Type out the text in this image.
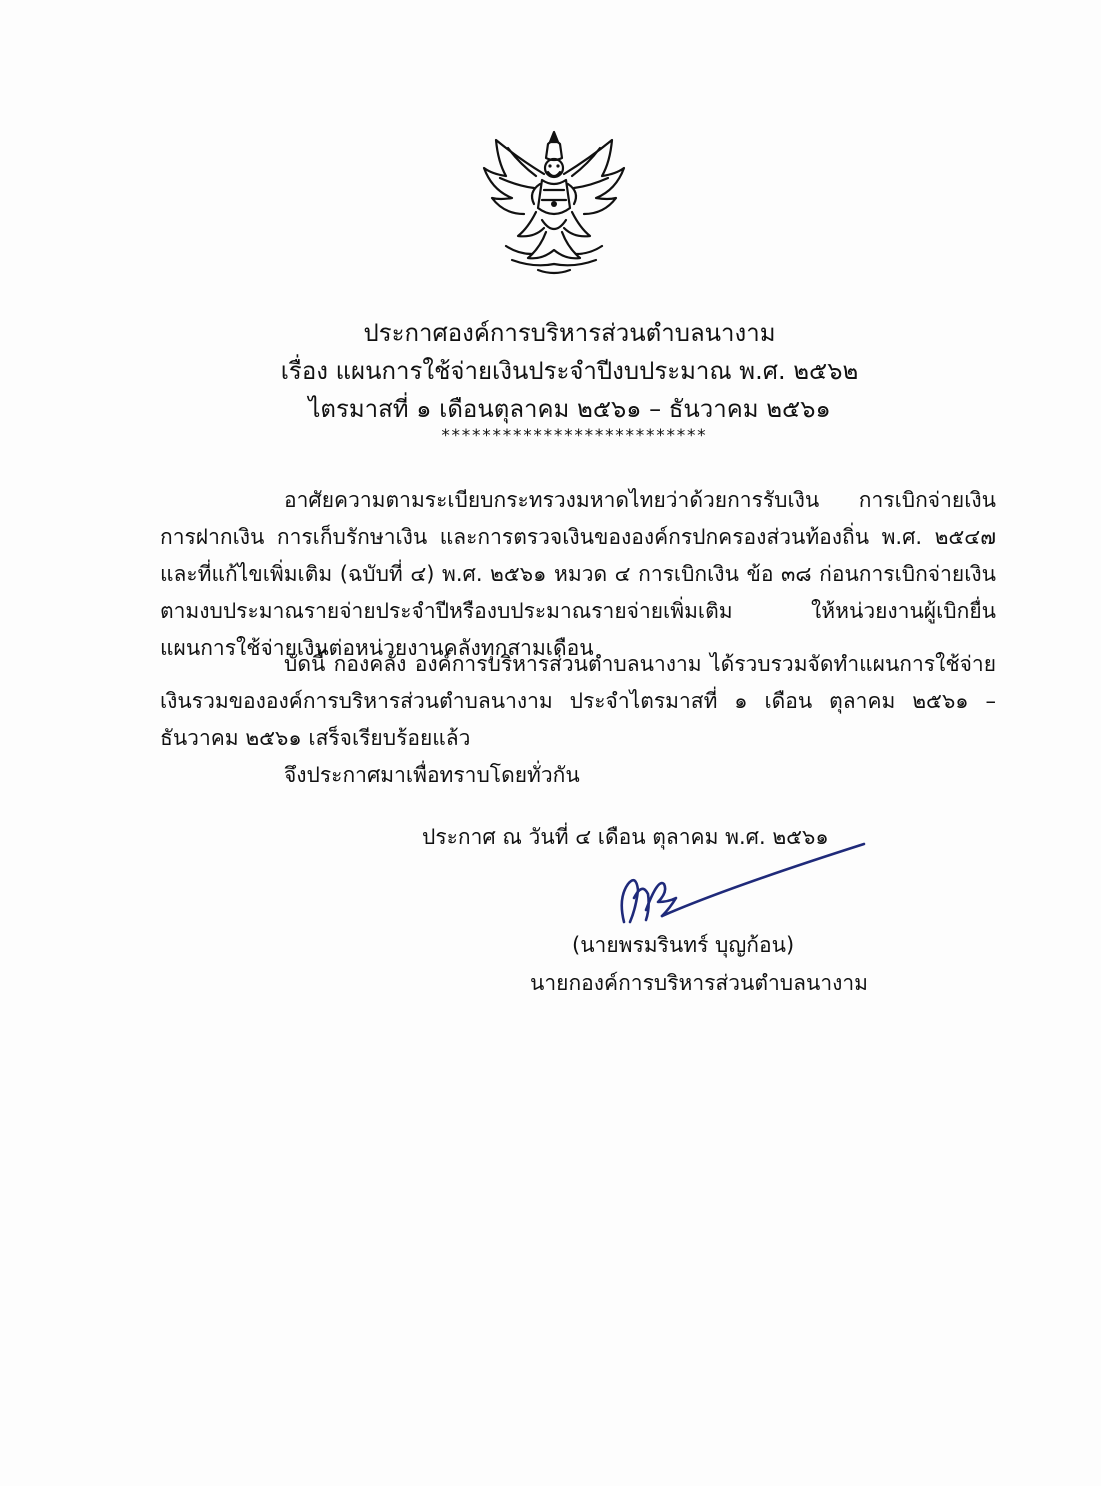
ประกาศองค์การบริหารส่วนตำบลนางาม
เรื่อง แผนการใช้จ่ายเงินประจำปีงบประมาณ พ.ศ. ๒๕๖๒
ไตรมาสที่ ๑ เดือนตุลาคม ๒๕๖๑ – ธันวาคม ๒๕๖๑
**************************
อาศัยความตามระเบียบกระทรวงมหาดไทยว่าด้วยการรับเงิน การเบิกจ่ายเงิน การฝากเงิน การเก็บรักษาเงิน และการตรวจเงินขององค์กรปกครองส่วนท้องถิ่น พ.ศ. ๒๕๔๗ และที่แก้ไขเพิ่มเติม (ฉบับที่ ๔) พ.ศ. ๒๕๖๑ หมวด ๔ การเบิกเงิน ข้อ ๓๘ ก่อนการเบิกจ่ายเงินตามงบประมาณรายจ่ายประจำปีหรืองบประมาณรายจ่ายเพิ่มเติม ให้หน่วยงานผู้เบิกยื่นแผนการใช้จ่ายเงินต่อหน่วยงานคลังทุกสามเดือน
บัดนี้ กองคลัง องค์การบริหารส่วนตำบลนางาม ได้รวบรวมจัดทำแผนการใช้จ่ายเงินรวมขององค์การบริหารส่วนตำบลนางาม ประจำไตรมาสที่ ๑ เดือน ตุลาคม ๒๕๖๑ – ธันวาคม ๒๕๖๑ เสร็จเรียบร้อยแล้ว
จึงประกาศมาเพื่อทราบโดยทั่วกัน
ประกาศ ณ วันที่ ๔ เดือน ตุลาคม พ.ศ. ๒๕๖๑
(นายพรมรินทร์ บุญก้อน)
นายกองค์การบริหารส่วนตำบลนางาม
